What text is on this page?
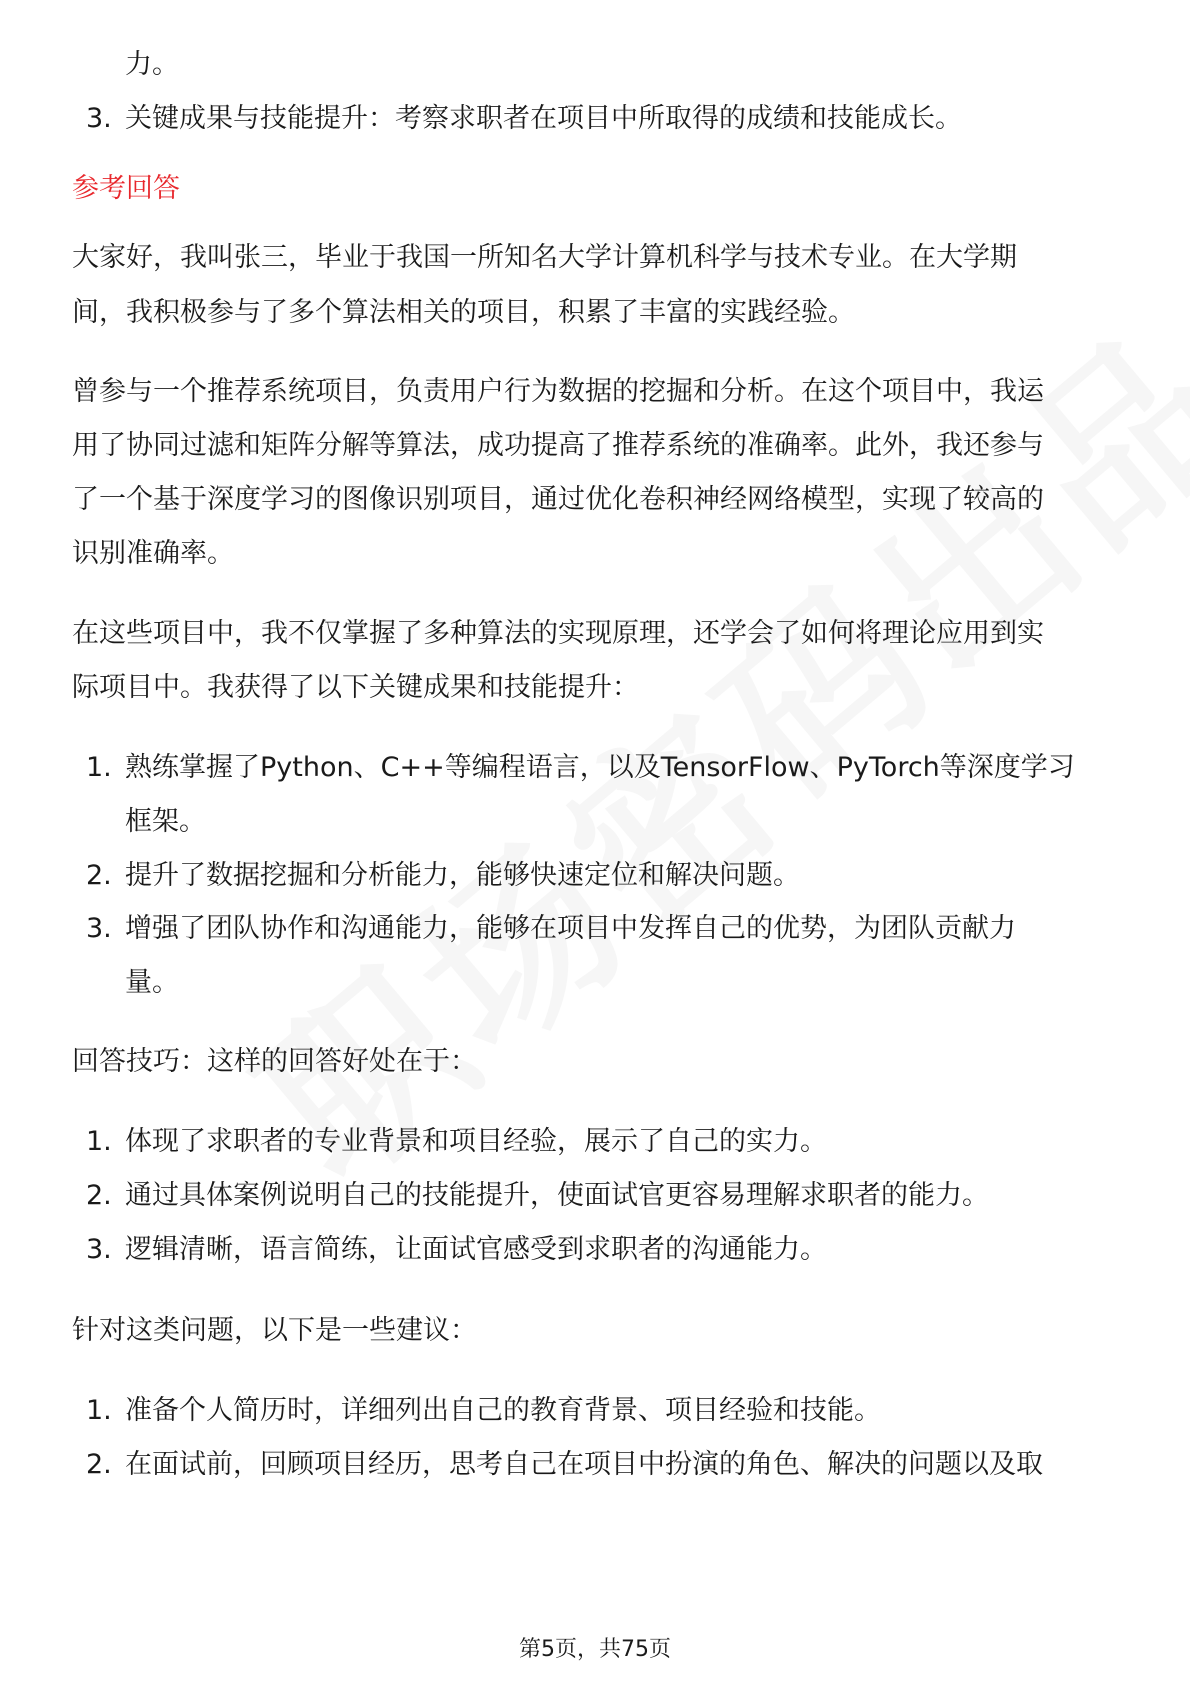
力。
3. 关键成果与技能提升：考察求职者在项目中所取得的成绩和技能成长。
参考回答
大家好，我叫张三，毕业于我国一所知名大学计算机科学与技术专业。在大学期
间，我积极参与了多个算法相关的项目，积累了丰富的实践经验。
曾参与一个推荐系统项目，负责用户行为数据的挖掘和分析。在这个项目中，我运
用了协同过滤和矩阵分解等算法，成功提高了推荐系统的准确率。此外，我还参与
了一个基于深度学习的图像识别项目，通过优化卷积神经网络模型，实现了较高的
识别准确率。
在这些项目中，我不仅掌握了多种算法的实现原理，还学会了如何将理论应用到实
际项目中。我获得了以下关键成果和技能提升：
1. 熟练掌握了Python、C++等编程语言，以及TensorFlow、PyTorch等深度学习
框架。
2. 提升了数据挖掘和分析能力，能够快速定位和解决问题。
3. 增强了团队协作和沟通能力，能够在项目中发挥自己的优势，为团队贡献力
量。
回答技巧：这样的回答好处在于：
1. 体现了求职者的专业背景和项目经验，展示了自己的实力。
2. 通过具体案例说明自己的技能提升，使面试官更容易理解求职者的能力。
3. 逻辑清晰，语言简练，让面试官感受到求职者的沟通能力。
针对这类问题，以下是一些建议：
1. 准备个人简历时，详细列出自己的教育背景、项目经验和技能。
2. 在面试前，回顾项目经历，思考自己在项目中扮演的角色、解决的问题以及取
第5页，共75页
